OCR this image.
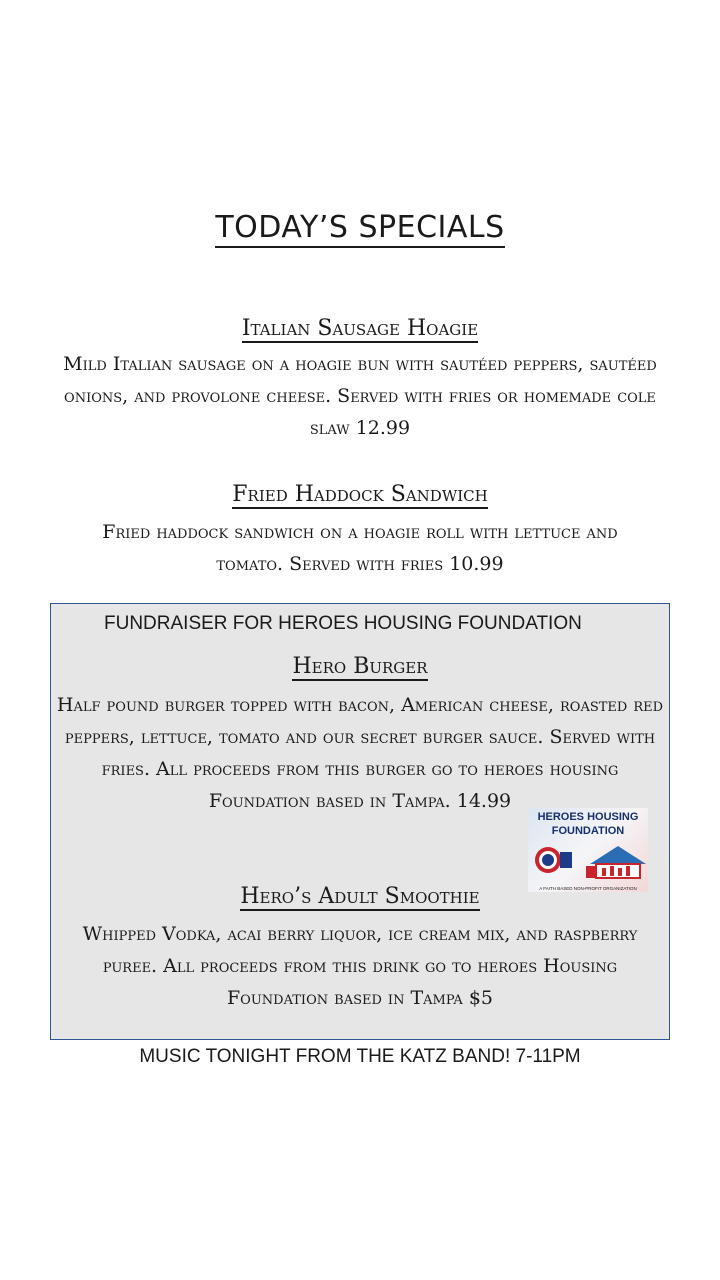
TODAY’S SPECIALS
Italian Sausage Hoagie
Mild Italian sausage on a hoagie bun with sautéed peppers, sautéed onions, and provolone cheese. Served with fries or homemade cole slaw 12.99
Fried Haddock Sandwich
Fried haddock sandwich on a hoagie roll with lettuce and tomato. Served with fries 10.99
FUNDRAISER FOR HEROES HOUSING FOUNDATION
Hero Burger
Half pound burger topped with bacon, American cheese, roasted red peppers, lettuce, tomato and our secret burger sauce. Served with fries. All proceeds from this burger go to heroes housing Foundation based in Tampa. 14.99
HEROES HOUSING
FOUNDATION
A FAITH BASED NON-PROFIT ORGANIZATION
Hero’s Adult Smoothie
Whipped Vodka, acai berry liquor, ice cream mix, and raspberry puree. All proceeds from this drink go to heroes Housing Foundation based in Tampa $5
MUSIC TONIGHT FROM THE KATZ BAND! 7-11PM
